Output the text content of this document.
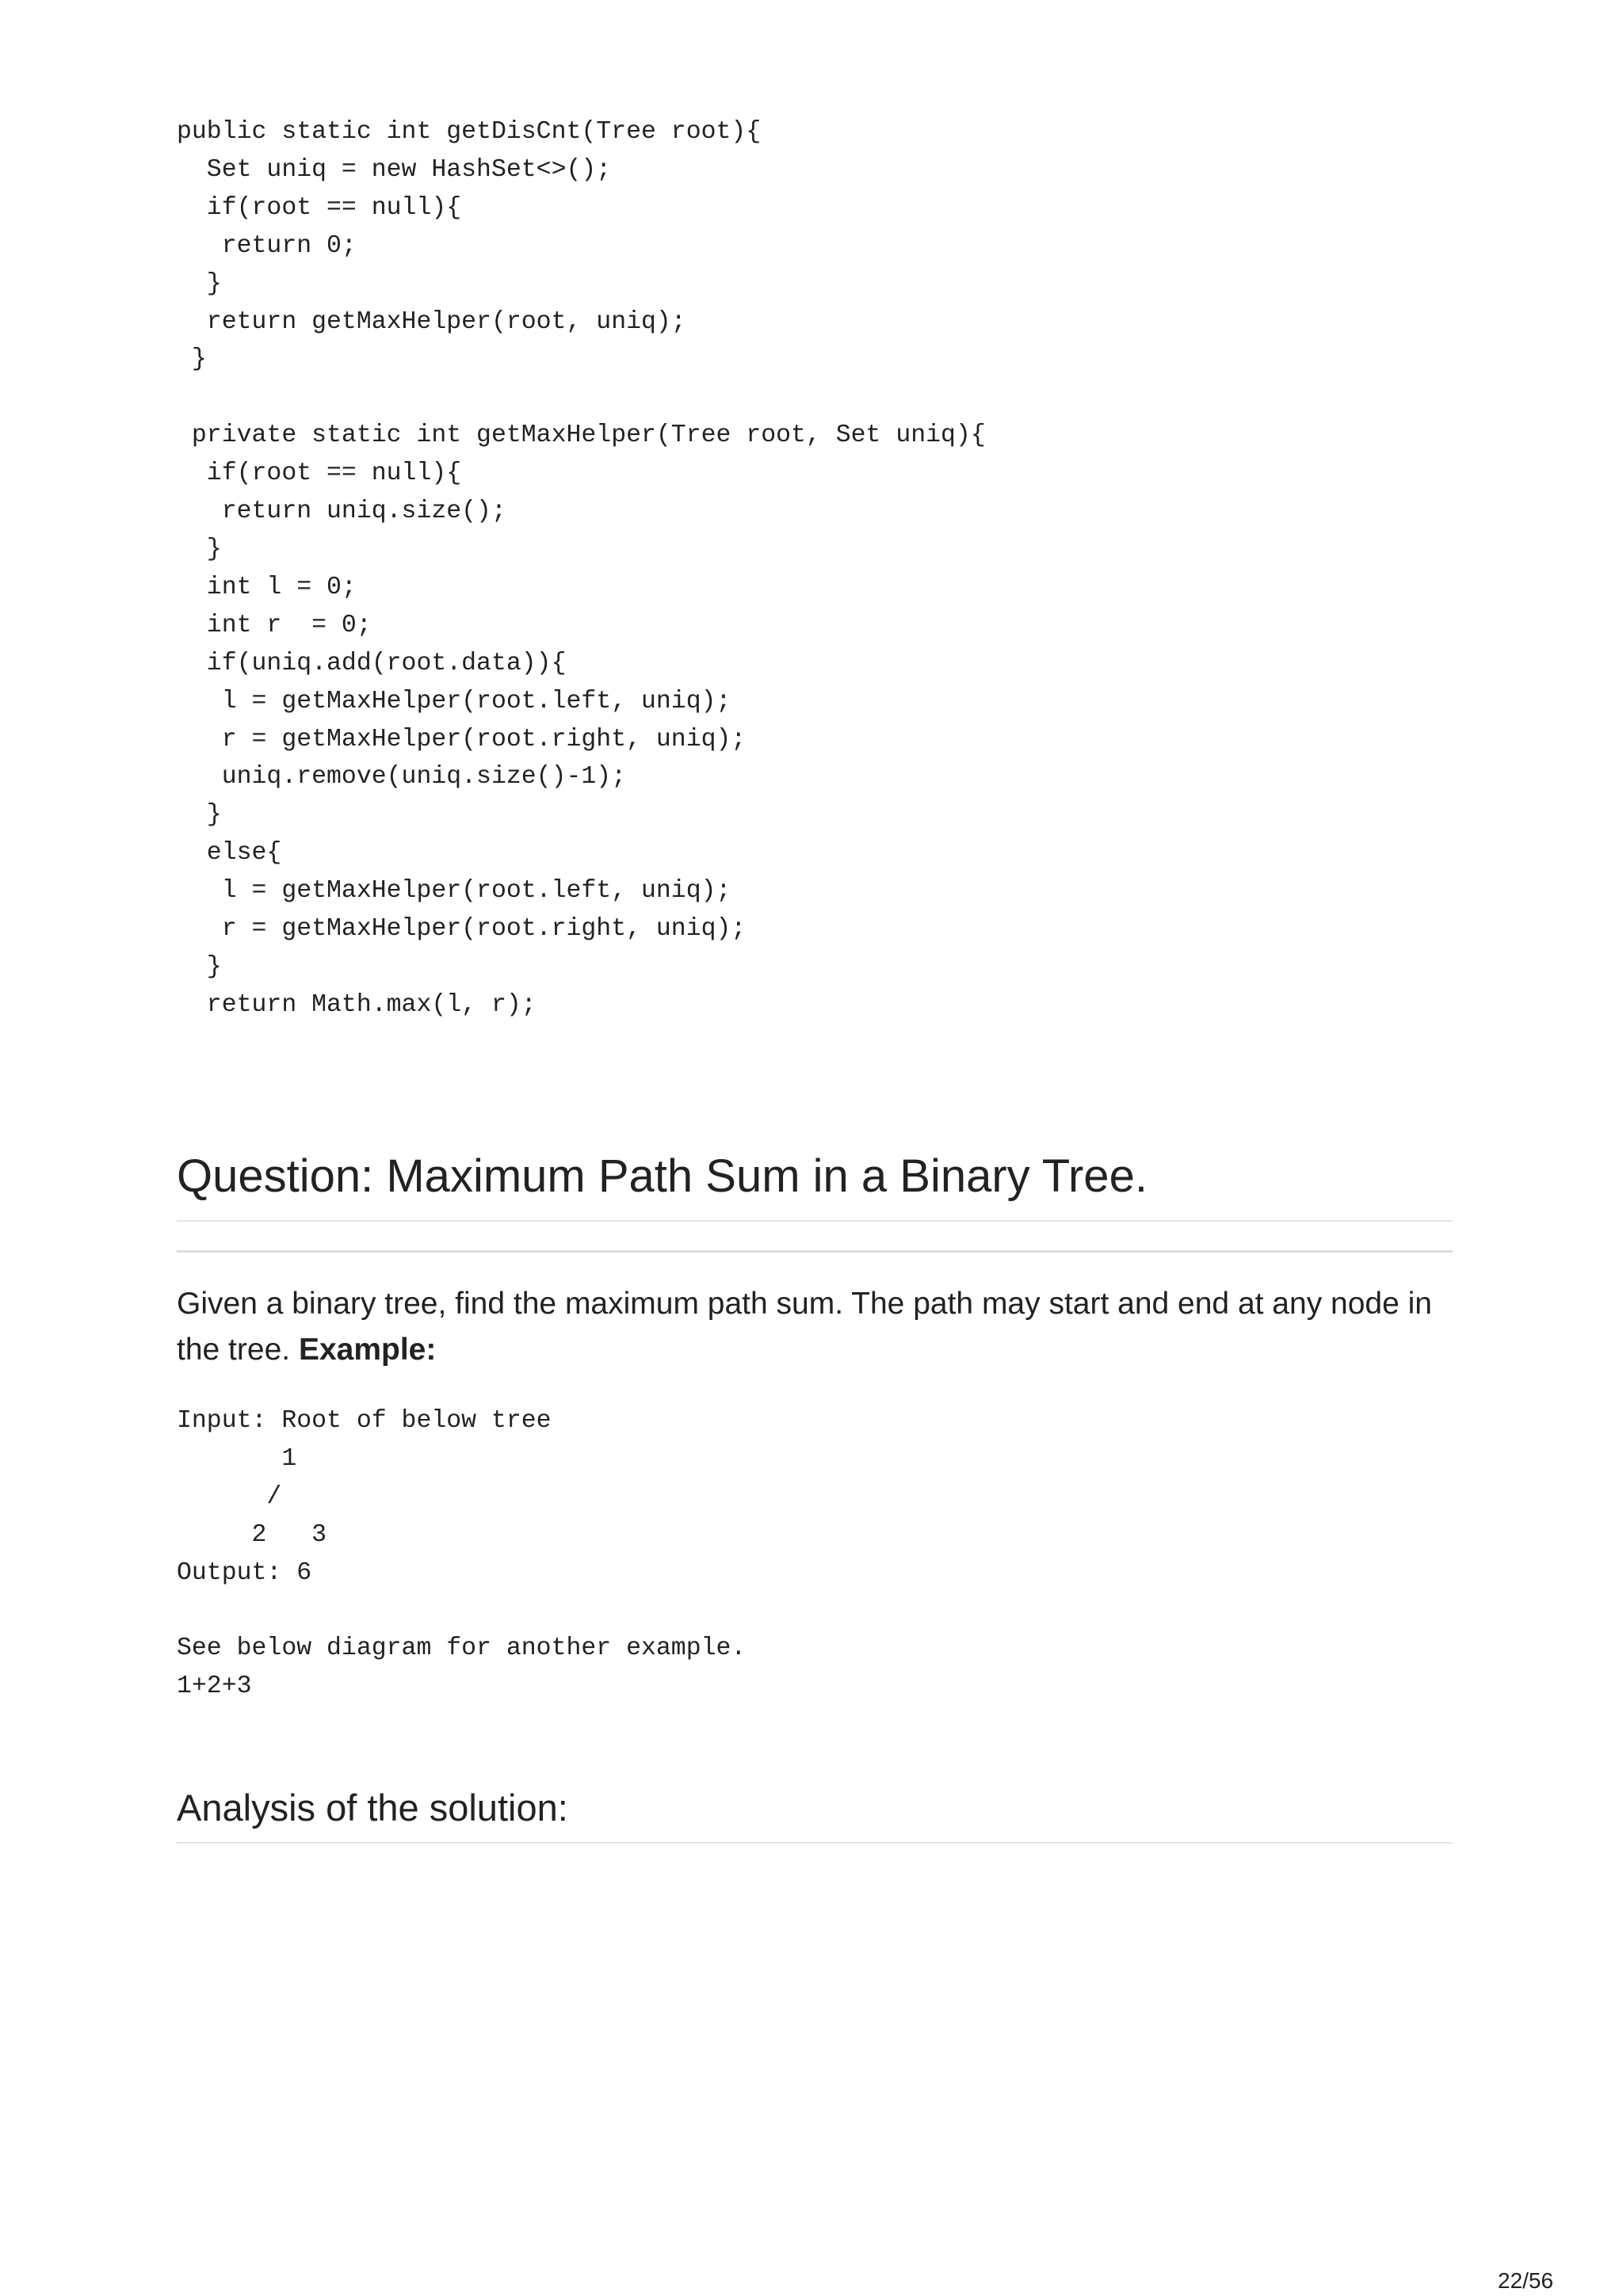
public static int getDisCnt(Tree root){
Set uniq = new HashSet<>();
if(root == null){
return 0;
}
return getMaxHelper(root, uniq);
}

private static int getMaxHelper(Tree root, Set uniq){
if(root == null){
return uniq.size();
}
int l = 0;
int r  = 0;
if(uniq.add(root.data)){
l = getMaxHelper(root.left, uniq);
r = getMaxHelper(root.right, uniq);
uniq.remove(uniq.size()-1);
}
else{
l = getMaxHelper(root.left, uniq);
r = getMaxHelper(root.right, uniq);
}
return Math.max(l, r);
Question: Maximum Path Sum in a Binary Tree.

Given a binary tree, find the maximum path sum. The path may start and end at any node in the tree. Example:

Input: Root of below tree
1
/
2   3
Output: 6

See below diagram for another example.
1+2+3
Analysis of the solution:
22/56
